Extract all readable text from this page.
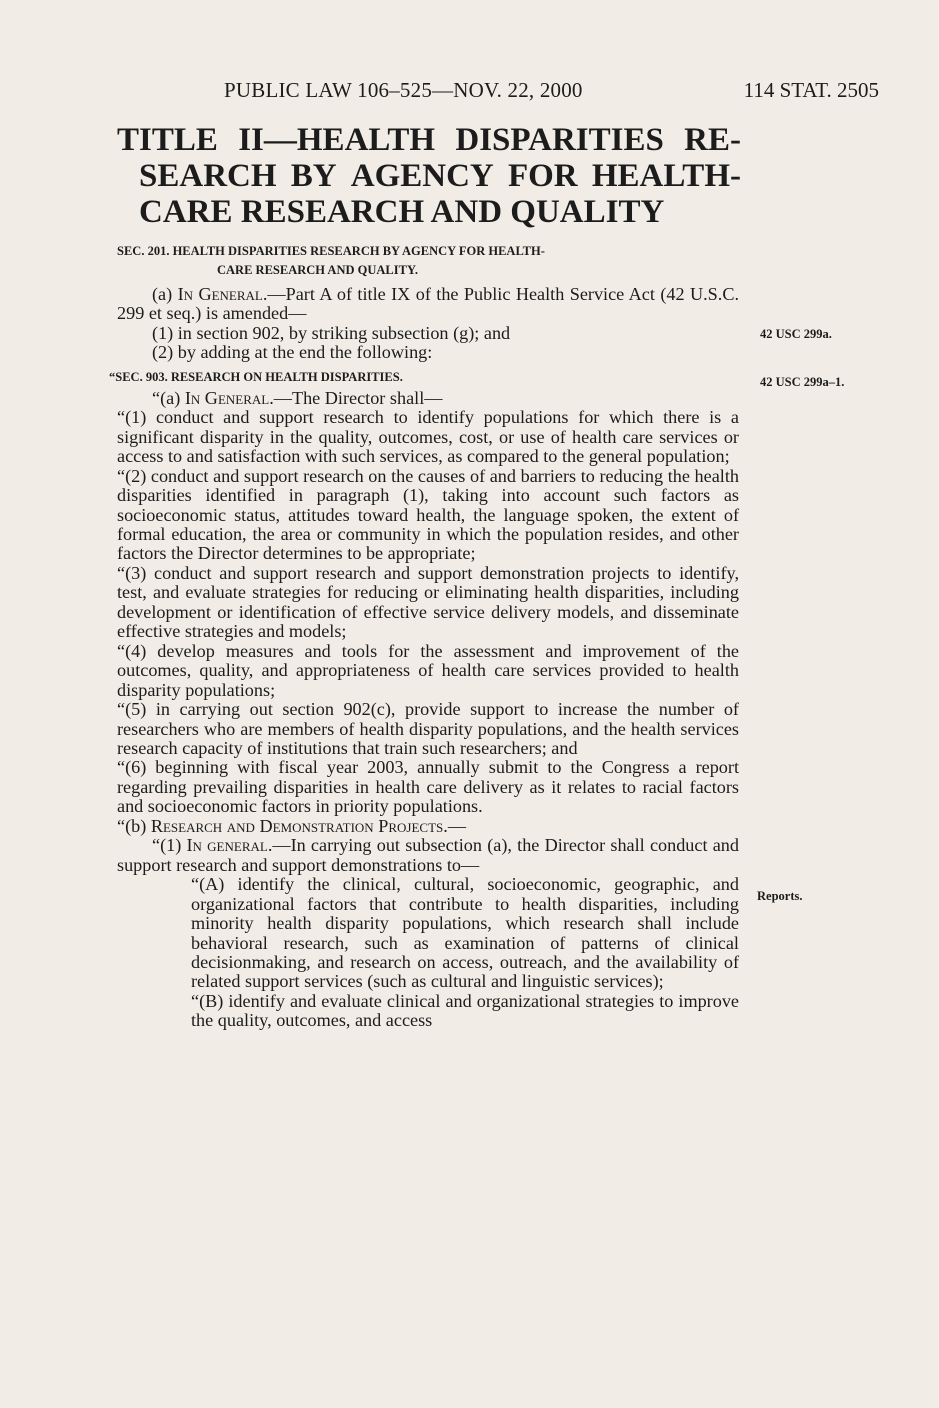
PUBLIC LAW 106–525—NOV. 22, 2000	114 STAT. 2505
TITLE II—HEALTH DISPARITIES RE-
SEARCH BY AGENCY FOR HEALTH-
CARE RESEARCH AND QUALITY
SEC. 201. HEALTH DISPARITIES RESEARCH BY AGENCY FOR HEALTH-
CARE RESEARCH AND QUALITY.
(a) In General.—Part A of title IX of the Public Health Service Act (42 U.S.C. 299 et seq.) is amended—
(1) in section 902, by striking subsection (g); and
(2) by adding at the end the following:
“SEC. 903. RESEARCH ON HEALTH DISPARITIES.
“(a) In General.—The Director shall—
“(1) conduct and support research to identify populations for which there is a significant disparity in the quality, outcomes, cost, or use of health care services or access to and satisfaction with such services, as compared to the general population;
“(2) conduct and support research on the causes of and barriers to reducing the health disparities identified in paragraph (1), taking into account such factors as socioeconomic status, attitudes toward health, the language spoken, the extent of formal education, the area or community in which the population resides, and other factors the Director determines to be appropriate;
“(3) conduct and support research and support demonstration projects to identify, test, and evaluate strategies for reducing or eliminating health disparities, including development or identification of effective service delivery models, and disseminate effective strategies and models;
“(4) develop measures and tools for the assessment and improvement of the outcomes, quality, and appropriateness of health care services provided to health disparity populations;
“(5) in carrying out section 902(c), provide support to increase the number of researchers who are members of health disparity populations, and the health services research capacity of institutions that train such researchers; and
“(6) beginning with fiscal year 2003, annually submit to the Congress a report regarding prevailing disparities in health care delivery as it relates to racial factors and socioeconomic factors in priority populations.
“(b) Research and Demonstration Projects.—
“(1) In general.—In carrying out subsection (a), the Director shall conduct and support research and support demonstrations to—
“(A) identify the clinical, cultural, socioeconomic, geographic, and organizational factors that contribute to health disparities, including minority health disparity populations, which research shall include behavioral research, such as examination of patterns of clinical decisionmaking, and research on access, outreach, and the availability of related support services (such as cultural and linguistic services);
“(B) identify and evaluate clinical and organizational strategies to improve the quality, outcomes, and access
42 USC 299a.
42 USC 299a–1.
Reports.
